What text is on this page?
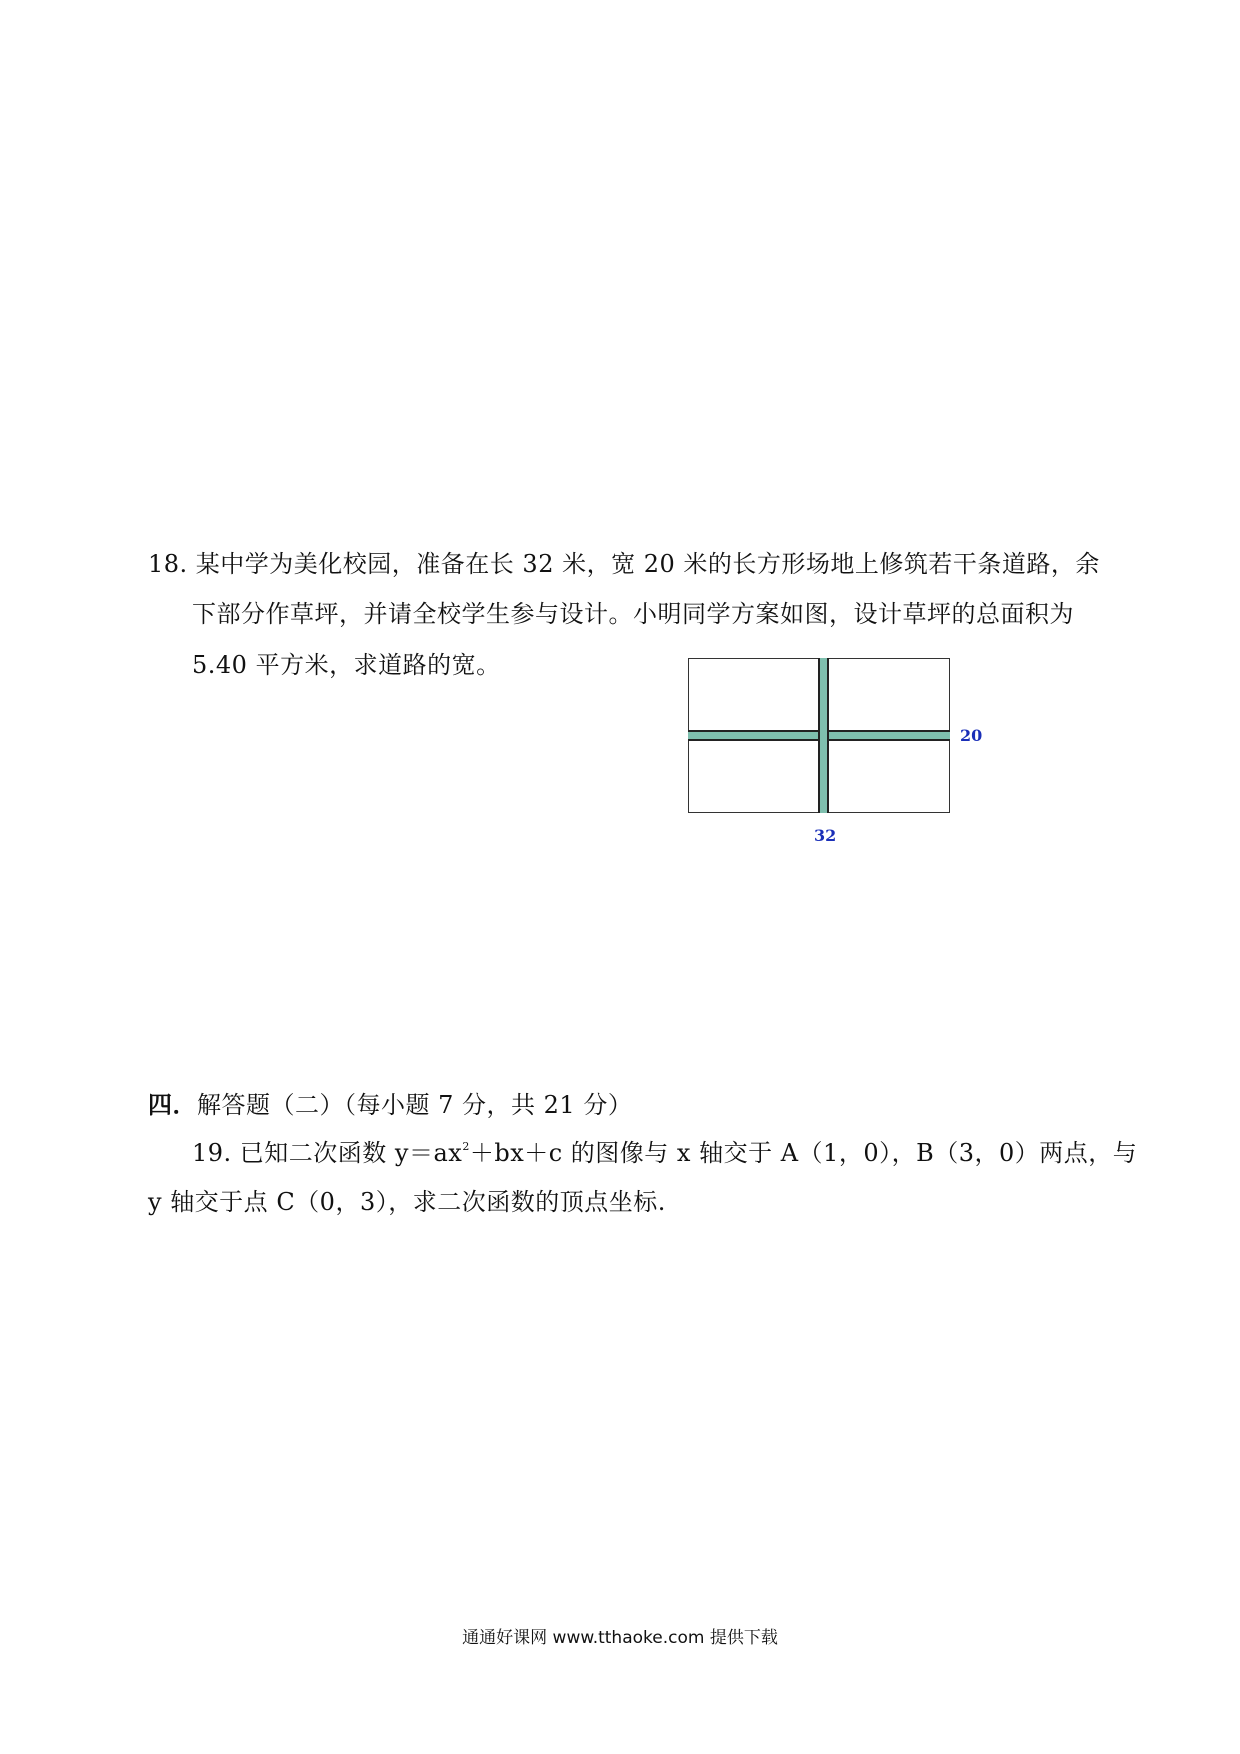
18. 某中学为美化校园，准备在长 32 米，宽 20 米的长方形场地上修筑若干条道路，余
下部分作草坪，并请全校学生参与设计。小明同学方案如图，设计草坪的总面积为
5.40 平方米，求道路的宽。
20
32
四．解答题（二）（每小题 7 分，共 21 分）
19. 已知二次函数 $y=ax^2+bx+c$ 的图像与 x 轴交于 A（1，0），B（3，0）两点，与
y 轴交于点 C（0，3），求二次函数的顶点坐标.
通通好课网 www.tthaoke.com 提供下载
